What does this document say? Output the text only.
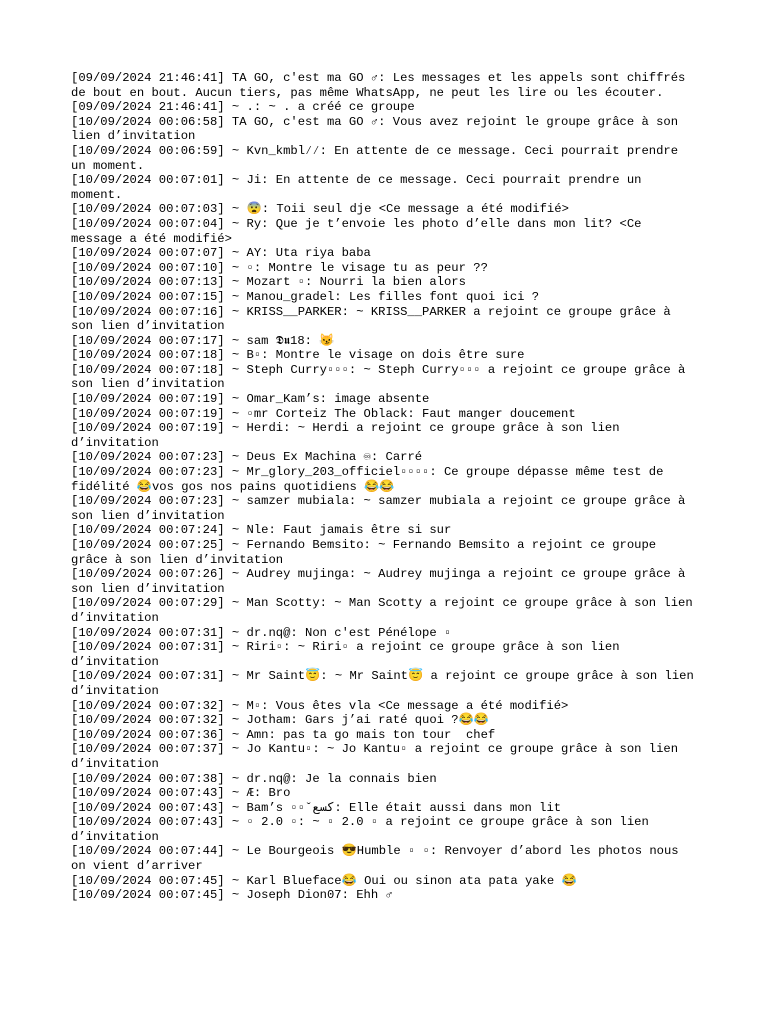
[09/09/2024 21:46:41] TA GO, c'est ma GO ♂: Les messages et les appels sont chiffrés de bout en bout. Aucun tiers, pas même WhatsApp, ne peut les lire ou les écouter.
[09/09/2024 21:46:41] ~ .: ~ . a créé ce groupe
[10/09/2024 00:06:58] TA GO, c'est ma GO ♂: Vous avez rejoint le groupe grâce à son lien d’invitation
[10/09/2024 00:06:59] ~ Kvn_kmbl⁄⁄: En attente de ce message. Ceci pourrait prendre un moment.
[10/09/2024 00:07:01] ~ Ji: En attente de ce message. Ceci pourrait prendre un moment.
[10/09/2024 00:07:03] ~ 😨: Toii seul dje <Ce message a été modifié>
[10/09/2024 00:07:04] ~ Ry: Que je t’envoie les photo d’elle dans mon lit? <Ce message a été modifié>
[10/09/2024 00:07:07] ~ AY: Uta riya baba
[10/09/2024 00:07:10] ~ ▫: Montre le visage tu as peur ??
[10/09/2024 00:07:13] ~ Mozart ▫: Nourri la bien alors
[10/09/2024 00:07:15] ~ Manou_gradel: Les filles font quoi ici ?
[10/09/2024 00:07:16] ~ KRISS__PARKER: ~ KRISS__PARKER a rejoint ce groupe grâce à son lien d’invitation
[10/09/2024 00:07:17] ~ sam 𝕯𝖚18: 😼
[10/09/2024 00:07:18] ~ B▫: Montre le visage on dois être sure
[10/09/2024 00:07:18] ~ Steph Curry▫▫▫: ~ Steph Curry▫▫▫ a rejoint ce groupe grâce à son lien d’invitation
[10/09/2024 00:07:19] ~ Omar_Kam’s: image absente
[10/09/2024 00:07:19] ~ ▫mr Corteiz The Oblack: Faut manger doucement
[10/09/2024 00:07:19] ~ Herdi: ~ Herdi a rejoint ce groupe grâce à son lien d’invitation
[10/09/2024 00:07:23] ~ Deus Ex Machina ♾: Carré
[10/09/2024 00:07:23] ~ Mr_glory_203_officiel▫▫▫▫: Ce groupe dépasse même test de fidélité 😂vos gos nos pains quotidiens 😂😂
[10/09/2024 00:07:23] ~ samzer mubiala: ~ samzer mubiala a rejoint ce groupe grâce à son lien d’invitation
[10/09/2024 00:07:24] ~ Nle: Faut jamais être si sur
[10/09/2024 00:07:25] ~ Fernando Bemsito: ~ Fernando Bemsito a rejoint ce groupe grâce à son lien d’invitation
[10/09/2024 00:07:26] ~ Audrey mujinga: ~ Audrey mujinga a rejoint ce groupe grâce à son lien d’invitation
[10/09/2024 00:07:29] ~ Man Scotty: ~ Man Scotty a rejoint ce groupe grâce à son lien d’invitation
[10/09/2024 00:07:31] ~ dr.nq@: Non c'est Pénélope ▫
[10/09/2024 00:07:31] ~ Riri▫: ~ Riri▫ a rejoint ce groupe grâce à son lien d’invitation
[10/09/2024 00:07:31] ~ Mr Saint😇: ~ Mr Saint😇 a rejoint ce groupe grâce à son lien d’invitation
[10/09/2024 00:07:32] ~ M▫: Vous êtes vla <Ce message a été modifié>
[10/09/2024 00:07:32] ~ Jotham: Gars j’ai raté quoi ?😂😂
[10/09/2024 00:07:36] ~ Amn: pas ta go mais ton tour  chef
[10/09/2024 00:07:37] ~ Jo Kantu▫: ~ Jo Kantu▫ a rejoint ce groupe grâce à son lien d’invitation
[10/09/2024 00:07:38] ~ dr.nq@: Je la connais bien
[10/09/2024 00:07:43] ~ Æ: Bro
[10/09/2024 00:07:43] ~ Bam’s ▫▫ˇكسع: Elle était aussi dans mon lit
[10/09/2024 00:07:43] ~ ▫ 2.0 ▫: ~ ▫ 2.0 ▫ a rejoint ce groupe grâce à son lien d’invitation
[10/09/2024 00:07:44] ~ Le Bourgeois 😎Humble ▫ ▫: Renvoyer d’abord les photos nous on vient d’arriver
[10/09/2024 00:07:45] ~ Karl Blueface😂 Oui ou sinon ata pata yake 😂
[10/09/2024 00:07:45] ~ Joseph Dion07: Ehh ♂
